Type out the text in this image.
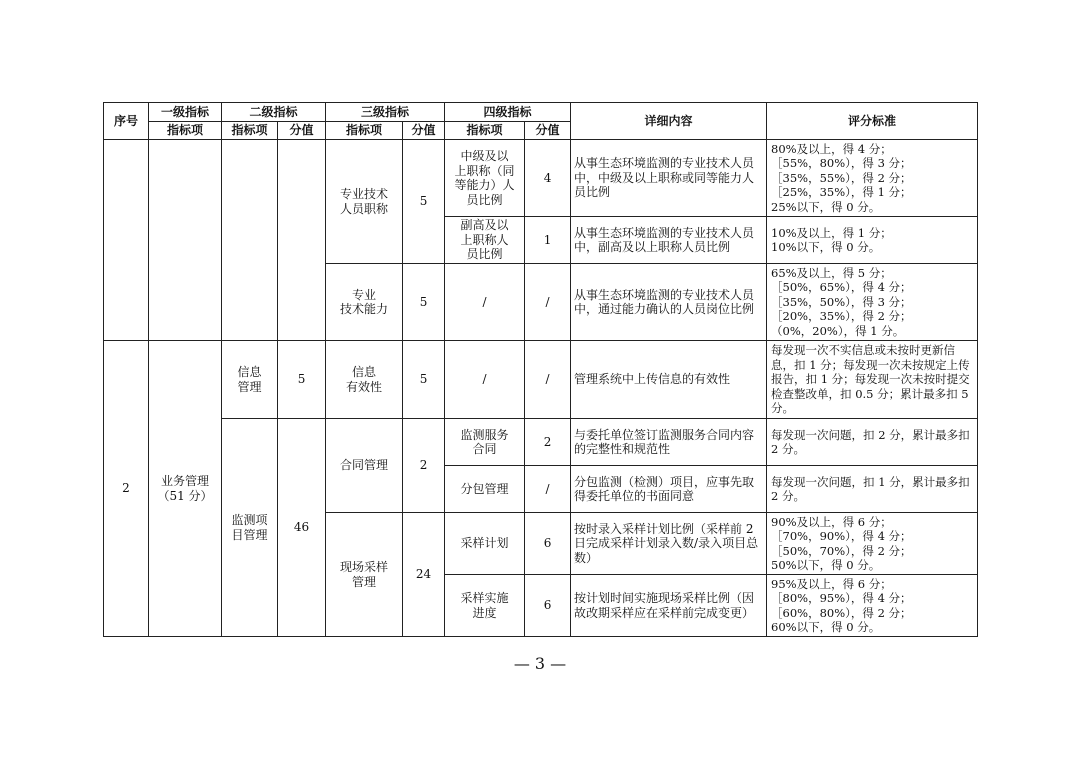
序号	一级指标	二级指标		三级指标		四级指标		详细内容	评分标准
	指标项	指标项	分值	指标项	分值	指标项	分值		
				专业技术
人员职称	5	中级及以
上职称（同
等能力）人
员比例	4	从事生态环境监测的专业技术人员中，中级及以上职称或同等能力人员比例	80%及以上，得 4 分；
［55%，80%），得 3 分；
［35%，55%），得 2 分；
［25%，35%），得 1 分；
25%以下，得 0 分。
						副高及以
上职称人
员比例	1	从事生态环境监测的专业技术人员中，副高及以上职称人员比例	10%及以上，得 1 分；
10%以下，得 0 分。
				专业
技术能力	5	/	/	从事生态环境监测的专业技术人员中，通过能力确认的人员岗位比例	65%及以上，得 5 分；
［50%，65%），得 4 分；
［35%，50%），得 3 分；
［20%，35%），得 2 分；
（0%，20%），得 1 分。
2	业务管理
（51 分）	信息
管理	5	信息
有效性	5	/	/	管理系统中上传信息的有效性	每发现一次不实信息或未按时更新信息，扣 1 分；每发现一次未按规定上传报告，扣 1 分；每发现一次未按时提交检查整改单，扣 0.5 分；累计最多扣 5 分。
		监测项
目管理	46	合同管理	2	监测服务
合同	2	与委托单位签订监测服务合同内容的完整性和规范性	每发现一次问题，扣 2 分，累计最多扣 2 分。
						分包管理	/	分包监测（检测）项目，应事先取得委托单位的书面同意	每发现一次问题，扣 1 分，累计最多扣 2 分。
				现场采样
管理	24	采样计划	6	按时录入采样计划比例（采样前 2 日完成采样计划录入数/录入项目总数）	90%及以上，得 6 分；
［70%，90%），得 4 分；
［50%，70%），得 2 分；
50%以下，得 0 分。
						采样实施
进度	6	按计划时间实施现场采样比例（因故改期采样应在采样前完成变更）	95%及以上，得 6 分；
［80%，95%），得 4 分；
［60%，80%），得 2 分；
60%以下，得 0 分。
— 3 —
